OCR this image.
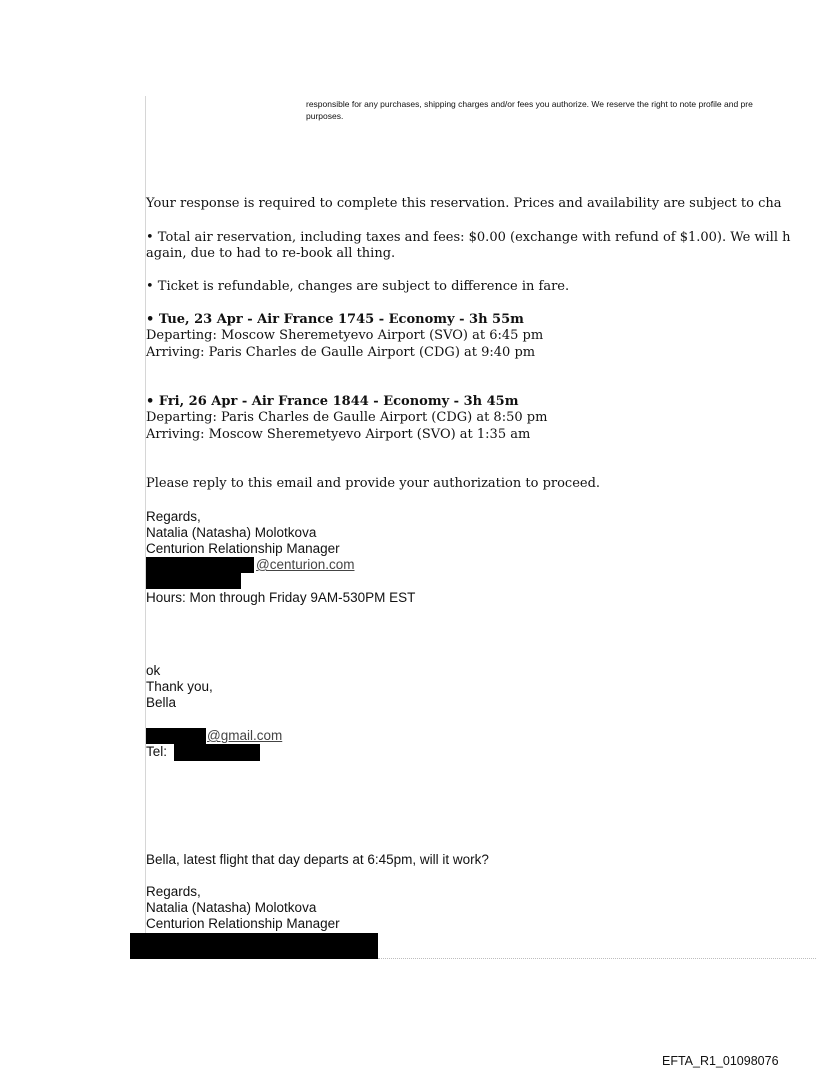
responsible for any purchases, shipping charges and/or fees you authorize. We reserve the right to note profile and pre
purposes.
Your response is required to complete this reservation. Prices and availability are subject to cha
• Total air reservation, including taxes and fees: $0.00 (exchange with refund of $1.00). We will h
again, due to had to re-book all thing.
• Ticket is refundable, changes are subject to difference in fare.
• Tue, 23 Apr - Air France 1745 - Economy - 3h 55m
Departing: Moscow Sheremetyevo Airport (SVO) at 6:45 pm
Arriving: Paris Charles de Gaulle Airport (CDG) at 9:40 pm
• Fri, 26 Apr - Air France 1844 - Economy - 3h 45m
Departing: Paris Charles de Gaulle Airport (CDG) at 8:50 pm
Arriving: Moscow Sheremetyevo Airport (SVO) at 1:35 am
Please reply to this email and provide your authorization to proceed.
Regards,
Natalia (Natasha) Molotkova
Centurion Relationship Manager
@centurion.com
Hours: Mon through Friday 9AM-530PM EST
ok
Thank you,
Bella
@gmail.com
Tel:
Bella, latest flight that day departs at 6:45pm, will it work?
Regards,
Natalia (Natasha) Molotkova
Centurion Relationship Manager
EFTA_R1_01098076
